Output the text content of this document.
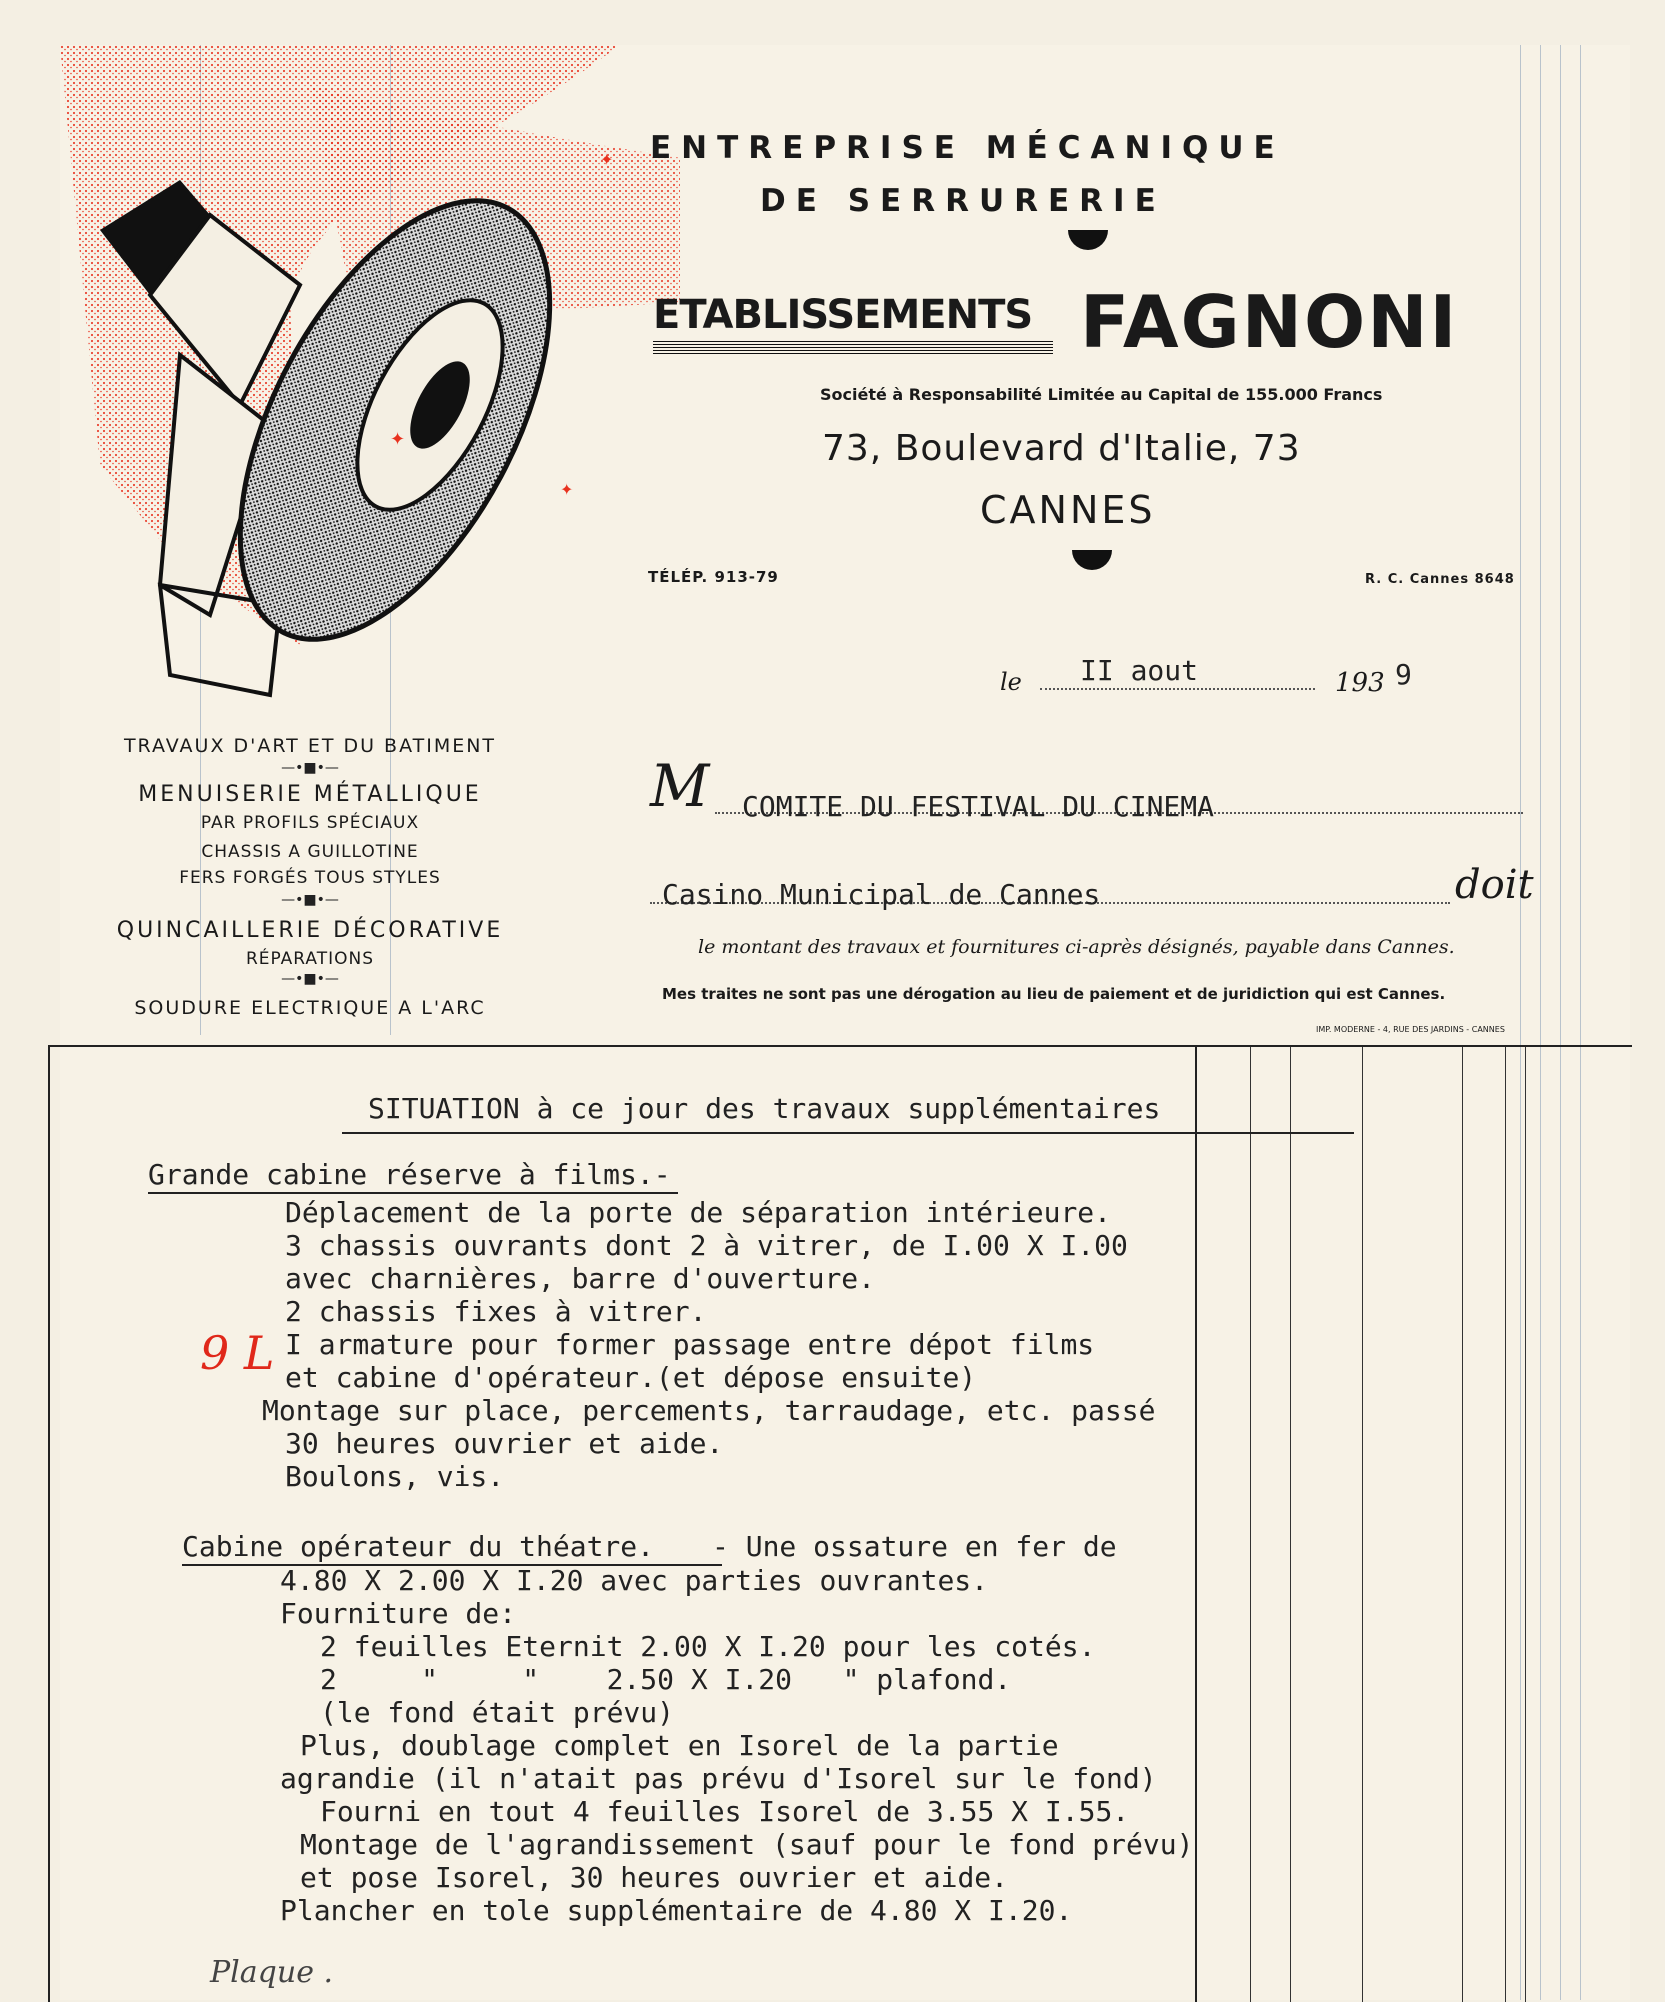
✦
✦
✦ ENTREPRISE MÉCANIQUE
DE SERRURERIE
ETABLISSEMENTS FAGNONI
Société à Responsabilité Limitée au Capital de 155.000 Francs
73, Boulevard d'Italie, 73
CANNES
TÉLÉP. 913-79	R. C. Cannes 8648
TRAVAUX D'ART ET DU BATIMENT
—•■•—
MENUISERIE MÉTALLIQUE
PAR PROFILS SPÉCIAUX
CHASSIS A GUILLOTINE
FERS FORGÉS TOUS STYLES
—•■•—
QUINCAILLERIE DÉCORATIVE
RÉPARATIONS
—•■•—
SOUDURE ELECTRIQUE A L'ARC
le II aout	193 9
M COMITE DU FESTIVAL DU CINEMA
Casino Municipal de Cannes	doit
le montant des travaux et fournitures ci-après désignés, payable dans Cannes.
Mes traites ne sont pas une dérogation au lieu de paiement et de juridiction qui est Cannes.
IMP. MODERNE - 4, RUE DES JARDINS - CANNES
SITUATION à ce jour des travaux supplémentaires
Grande cabine réserve à films.-
Déplacement de la porte de séparation intérieure.
3 chassis ouvrants dont 2 à vitrer, de I.00 X I.00
avec charnières, barre d'ouverture.
2 chassis fixes à vitrer.
I armature pour former passage entre dépot films
et cabine d'opérateur.(et dépose ensuite)
Montage sur place, percements, tarraudage, etc. passé
30 heures ouvrier et aide.
Boulons, vis.
9 L
Cabine opérateur du théatre. - Une ossature en fer de
4.80 X 2.00 X I.20 avec parties ouvrantes.
Fourniture de:
2 feuilles Eternit 2.00 X I.20 pour les cotés.
2     "     "    2.50 X I.20   " plafond.
(le fond était prévu)
Plus, doublage complet en Isorel de la partie
agrandie (il n'atait pas prévu d'Isorel sur le fond)
Fourni en tout 4 feuilles Isorel de 3.55 X I.55.
Montage de l'agrandissement (sauf pour le fond prévu)
et pose Isorel, 30 heures ouvrier et aide.
Plancher en tole supplémentaire de 4.80 X I.20.
Plaque .
